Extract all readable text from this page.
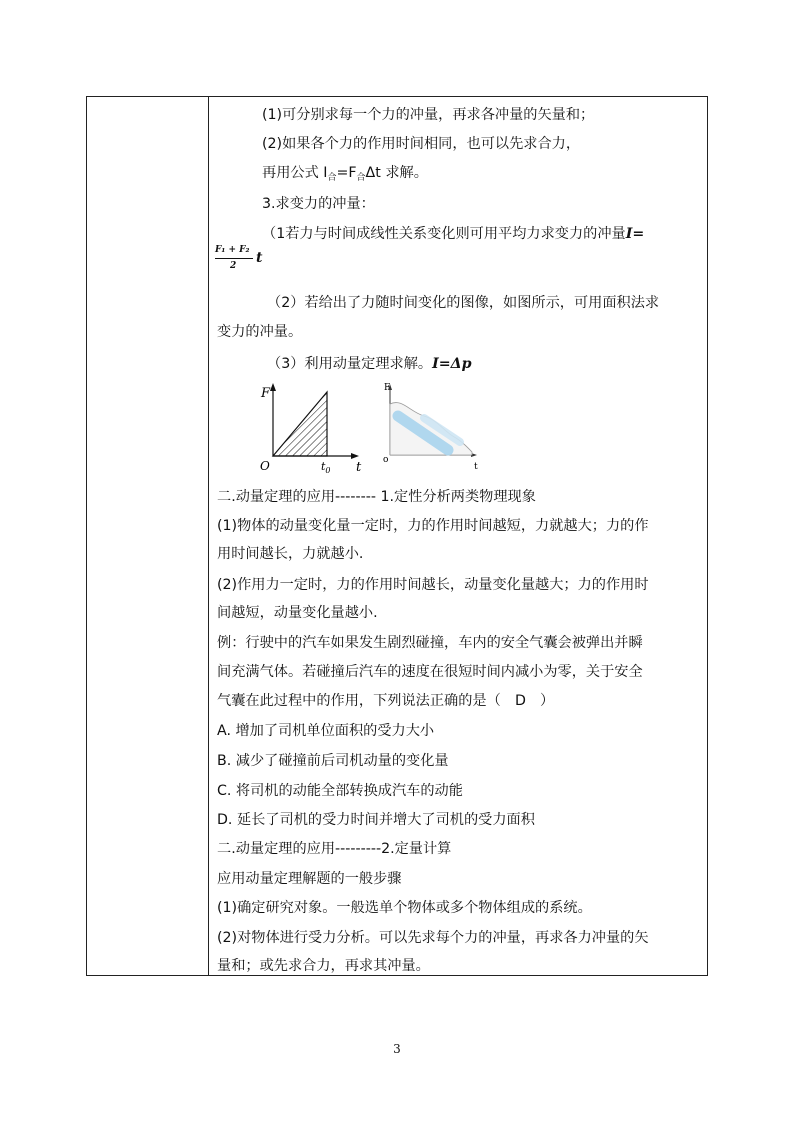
(1)可分别求每一个力的冲量，再求各冲量的矢量和；
(2)如果各个力的作用时间相同，也可以先求合力，
再用公式 $I_合=F_合\Delta t$ 求解。
3.求变力的冲量：
（1若力与时间成线性关系变化则可用平均力求变力的冲量I=
F₁ + F₂
2 t
（2）若给出了力随时间变化的图像，如图所示，可用面积法求
变力的冲量。
（3）利用动量定理求解。I=Δp
F
t
O	$t_0$
F
t
o
二.动量定理的应用-------- 1.定性分析两类物理现象
(1)物体的动量变化量一定时，力的作用时间越短，力就越大；力的作
用时间越长，力就越小.
(2)作用力一定时，力的作用时间越长，动量变化量越大；力的作用时
间越短，动量变化量越小.
例：行驶中的汽车如果发生剧烈碰撞，车内的安全气囊会被弹出并瞬
间充满气体。若碰撞后汽车的速度在很短时间内减小为零，关于安全
气囊在此过程中的作用，下列说法正确的是（　D　）
A. 增加了司机单位面积的受力大小
B. 减少了碰撞前后司机动量的变化量
C. 将司机的动能全部转换成汽车的动能
D. 延长了司机的受力时间并增大了司机的受力面积
二.动量定理的应用---------2.定量计算
应用动量定理解题的一般步骤
(1)确定研究对象。一般选单个物体或多个物体组成的系统。
(2)对物体进行受力分析。可以先求每个力的冲量，再求各力冲量的矢
量和；或先求合力，再求其冲量。
3
